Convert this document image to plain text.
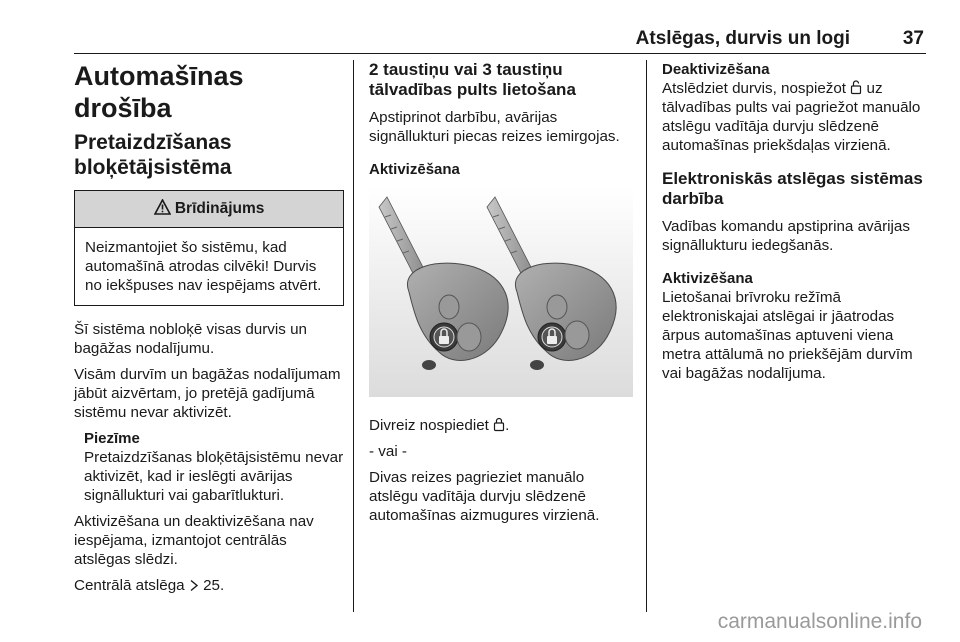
Atslēgas, durvis un logi	37
Automašīnas drošība
Pretaizdzīšanas
bloķētājsistēma
Brīdinājums
Neizmantojiet šo sistēmu, kad automašīnā atrodas cilvēki! Durvis no iekšpuses nav iespējams atvērt.

Šī sistēma nobloķē visas durvis un bagāžas nodalījumu.

Visām durvīm un bagāžas nodalījumam jābūt aizvērtam, jo pretējā gadījumā sistēmu nevar aktivizēt.

Piezīme
Pretaizdzīšanas bloķētājsistēmu nevar aktivizēt, kad ir ieslēgti avārijas signāllukturi vai gabarītlukturi.

Aktivizēšana un deaktivizēšana nav iespējama, izmantojot centrālās atslēgas slēdzi.

Centrālā atslēga 25.

2 taustiņu vai 3 taustiņu tālvadības pults lietošana

Apstiprinot darbību, avārijas signāllukturi piecas reizes iemirgojas.

Aktivizēšana

Divreiz nospiediet .

- vai -

Divas reizes pagrieziet manuālo atslēgu vadītāja durvju slēdzenē automašīnas aizmugures virzienā.

Deaktivizēšana

Atslēdziet durvis, nospiežot uz tālvadības pults vai pagriežot manuālo atslēgu vadītāja durvju slēdzenē automašīnas priekšdaļas virzienā.

Elektroniskās atslēgas sistēmas darbība

Vadības komandu apstiprina avārijas signāllukturu iedegšanās.

Aktivizēšana

Lietošanai brīvroku režīmā elektroniskajai atslēgai ir jāatrodas ārpus automašīnas aptuveni viena metra attālumā no priekšējām durvīm vai bagāžas nodalījuma.

carmanualsonline.info
